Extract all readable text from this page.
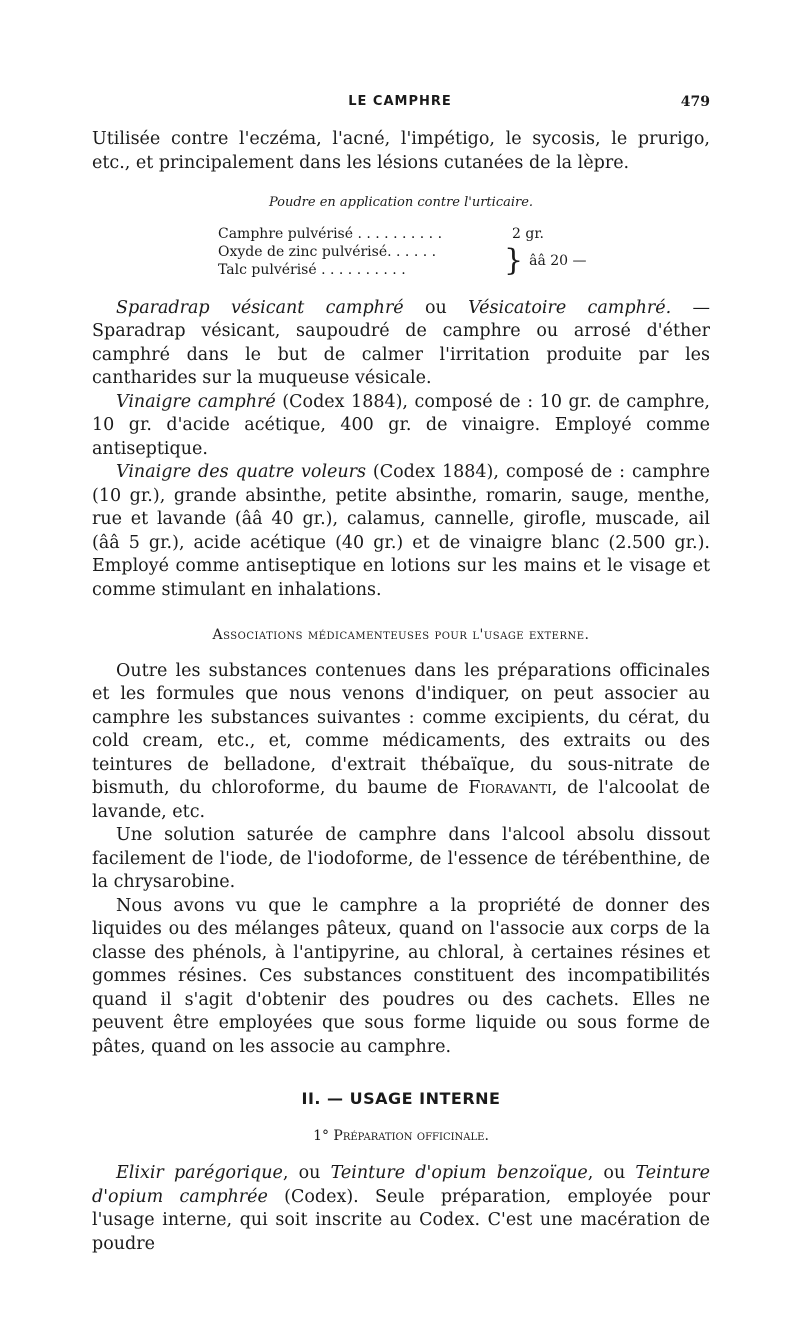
LE CAMPHRE	479

Utilisée contre l'eczéma, l'acné, l'impétigo, le sycosis, le prurigo, etc., et principalement dans les lésions cutanées de la lèpre.

Poudre en application contre l'urticaire.
Camphre pulvérisé . . . . . . . . . .	2 gr.
Oxyde de zinc pulvérisé. . . . . .
Talc pulvérisé . . . . . . . . . .	} ââ 20 —

Sparadrap vésicant camphré ou Vésicatoire camphré. — Sparadrap vésicant, saupoudré de camphre ou arrosé d'éther camphré dans le but de calmer l'irritation produite par les cantharides sur la muqueuse vésicale.

Vinaigre camphré (Codex 1884), composé de : 10 gr. de camphre, 10 gr. d'acide acétique, 400 gr. de vinaigre. Employé comme antiseptique.

Vinaigre des quatre voleurs (Codex 1884), composé de : camphre (10 gr.), grande absinthe, petite absinthe, romarin, sauge, menthe, rue et lavande (ââ 40 gr.), calamus, cannelle, girofle, muscade, ail (ââ 5 gr.), acide acétique (40 gr.) et de vinaigre blanc (2.500 gr.). Employé comme antiseptique en lotions sur les mains et le visage et comme stimulant en inhalations.

Associations médicamenteuses pour l'usage externe.

Outre les substances contenues dans les préparations officinales et les formules que nous venons d'indiquer, on peut associer au camphre les substances suivantes : comme excipients, du cérat, du cold cream, etc., et, comme médicaments, des extraits ou des teintures de belladone, d'extrait thébaïque, du sous-nitrate de bismuth, du chloroforme, du baume de Fioravanti, de l'alcoolat de lavande, etc.

Une solution saturée de camphre dans l'alcool absolu dissout facilement de l'iode, de l'iodoforme, de l'essence de térébenthine, de la chrysarobine.

Nous avons vu que le camphre a la propriété de donner des liquides ou des mélanges pâteux, quand on l'associe aux corps de la classe des phénols, à l'antipyrine, au chloral, à certaines résines et gommes résines. Ces substances constituent des incompatibilités quand il s'agit d'obtenir des poudres ou des cachets. Elles ne peuvent être employées que sous forme liquide ou sous forme de pâtes, quand on les associe au camphre.

II. — USAGE INTERNE
1° Préparation officinale.

Elixir parégorique, ou Teinture d'opium benzoïque, ou Teinture d'opium camphrée (Codex). Seule préparation, employée pour l'usage interne, qui soit inscrite au Codex. C'est une macération de poudre
